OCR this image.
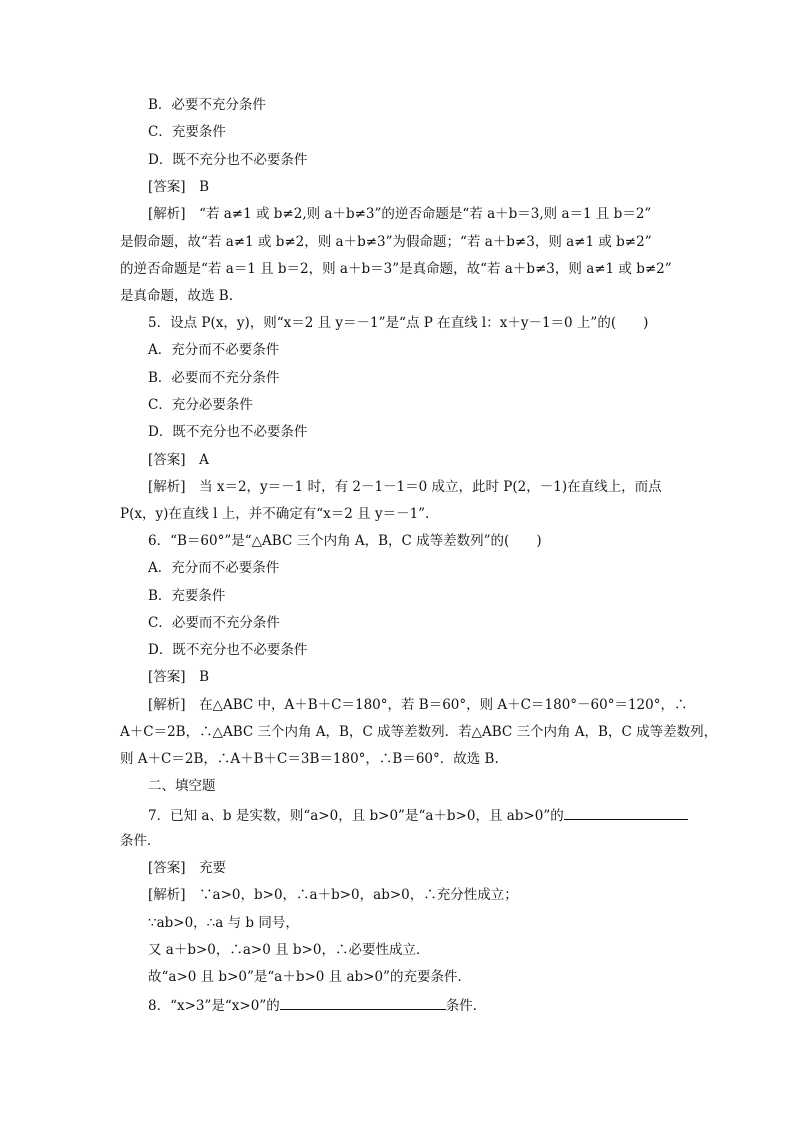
B．必要不充分条件
C．充要条件
D．既不充分也不必要条件
[ 答案 ]　 B
[ 解析 ]　 “若 a≠1 或 b≠2,则 a＋b≠3”的逆否命题是“若 a＋b＝3,则 a＝1 且 b＝2”
是假命题，故“若 a≠1 或 b≠2，则 a＋b≠3”为假命题；“若 a＋b≠3，则 a≠1 或 b≠2”
的逆否命题是“若 a＝1 且 b＝2，则 a＋b＝3”是真命题，故“若 a＋b≠3，则 a≠1 或 b≠2”
是真命题，故选 B.
5．设点 P(x，y)，则“x＝2 且 y＝－1”是“点 P 在直线 l：x＋y－1＝0 上”的(　　)
A．充分而不必要条件
B．必要而不充分条件
C．充分必要条件
D．既不充分也不必要条件
[ 答案 ]　 A
[ 解析 ]　 当 x＝2，y＝－1 时，有 2－1－1＝0 成立，此时 P(2，－1)在直线上，而点
P(x，y)在直线 l 上，并不确定有“x＝2 且 y＝－1”.
6．“B＝60°”是“△ABC 三个内角 A，B，C 成等差数列”的(　　)
A．充分而不必要条件
B．充要条件
C．必要而不充分条件
D．既不充分也不必要条件
[ 答案 ]　 B
[ 解析 ]　 在△ABC 中，A＋B＋C＝180°，若 B＝60°，则 A＋C＝180°－60°＝120°，∴
A＋C＝2B，∴△ABC 三个内角 A，B，C 成等差数列．若△ABC 三个内角 A，B，C 成等差数列，
则 A＋C＝2B，∴A＋B＋C＝3B＝180°，∴B＝60°．故选 B.
二、填空题
7．已知 a、b 是实数，则“a>0，且 b>0”是“a＋b>0，且 ab>0”的
条件．
[ 答案 ]　 充要
[ 解析 ]　 ∵a>0，b>0，∴a＋b>0，ab>0，∴充分性成立；
∵ab>0，∴a 与 b 同号，
又 a＋b>0，∴a>0 且 b>0，∴必要性成立．
故“a>0 且 b>0”是“a＋b>0 且 ab>0”的充要条件．
8．“x>3”是“x>0”的	条件．
